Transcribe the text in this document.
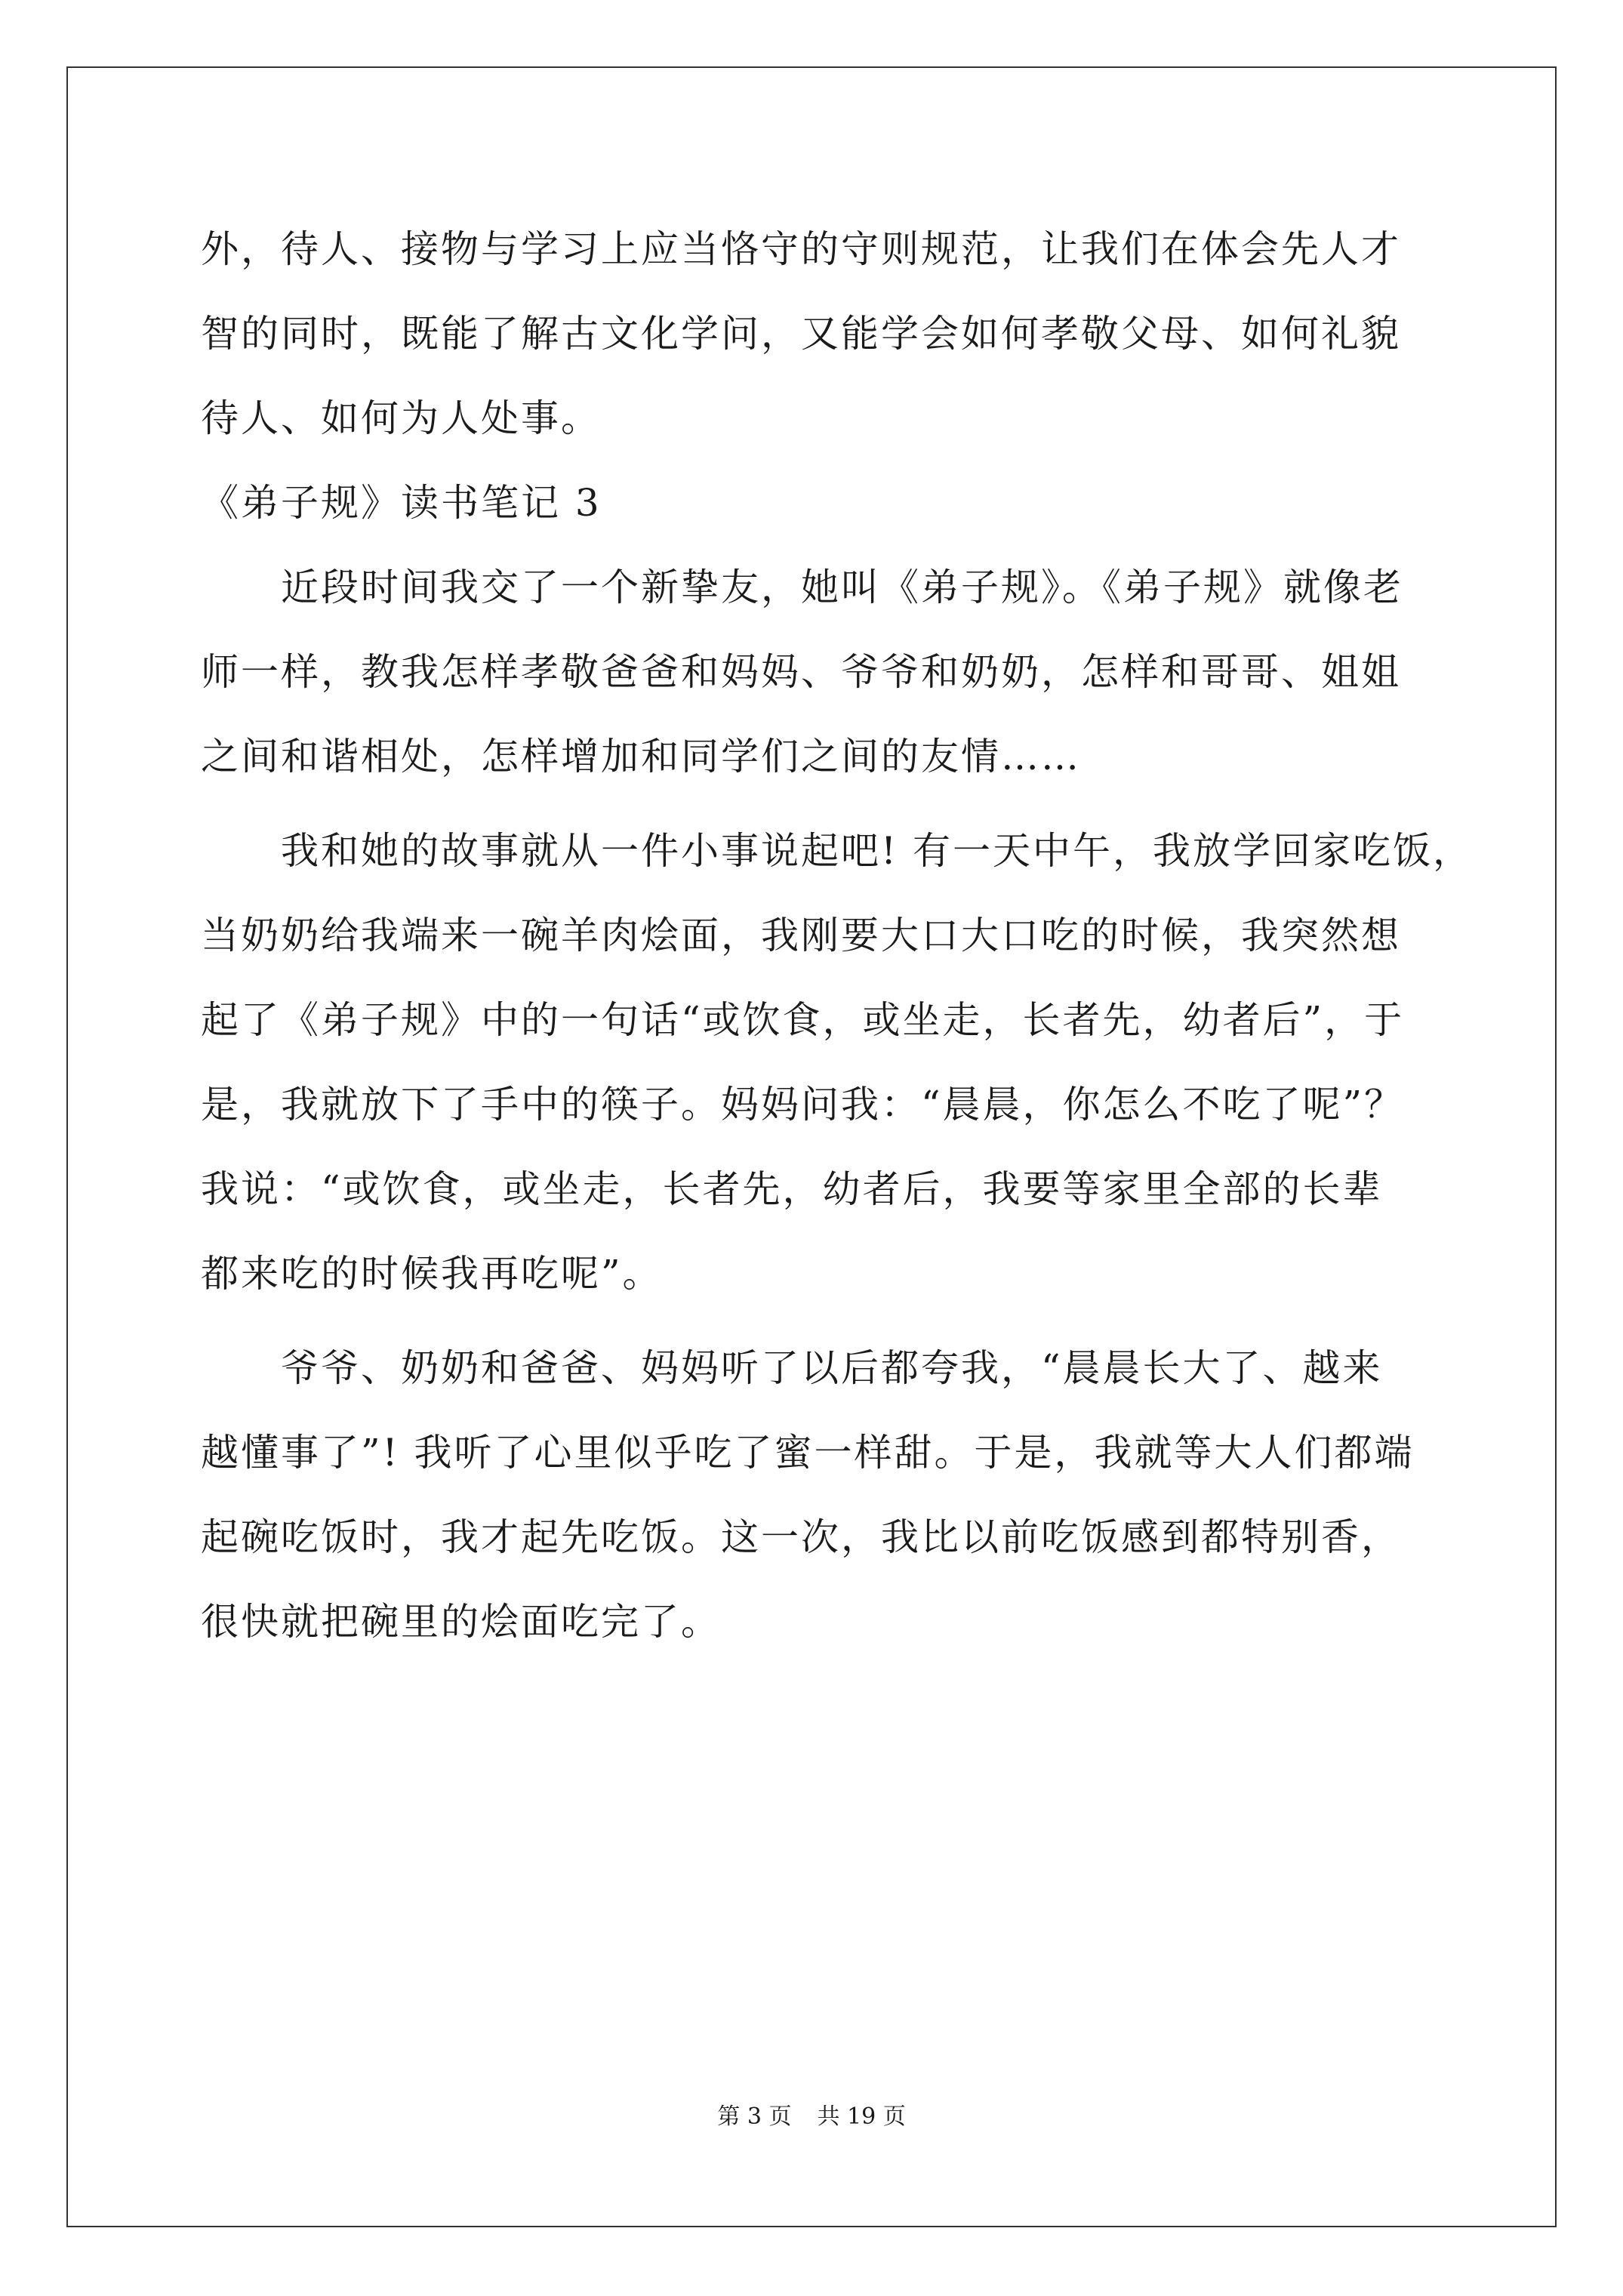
外，待人、接物与学习上应当恪守的守则规范，让我们在体会先人才
智的同时，既能了解古文化学问，又能学会如何孝敬父母、如何礼貌
待人、如何为人处事。
《弟子规》读书笔记 3
近段时间我交了一个新挚友，她叫《弟子规》。《弟子规》就像老
师一样，教我怎样孝敬爸爸和妈妈、爷爷和奶奶，怎样和哥哥、姐姐
之间和谐相处，怎样增加和同学们之间的友情……
我和她的故事就从一件小事说起吧! 有一天中午，我放学回家吃饭，
当奶奶给我端来一碗羊肉烩面，我刚要大口大口吃的时候，我突然想
起了《弟子规》中的一句话“或饮食，或坐走，长者先，幼者后”，于
是，我就放下了手中的筷子。妈妈问我：“晨晨，你怎么不吃了呢”？
我说：“或饮食，或坐走，长者先，幼者后，我要等家里全部的长辈
都来吃的时候我再吃呢”。
爷爷、奶奶和爸爸、妈妈听了以后都夸我，“晨晨长大了、越来
越懂事了”! 我听了心里似乎吃了蜜一样甜。于是，我就等大人们都端
起碗吃饭时，我才起先吃饭。这一次，我比以前吃饭感到都特别香，
很快就把碗里的烩面吃完了。
第 3 页 共 19 页
